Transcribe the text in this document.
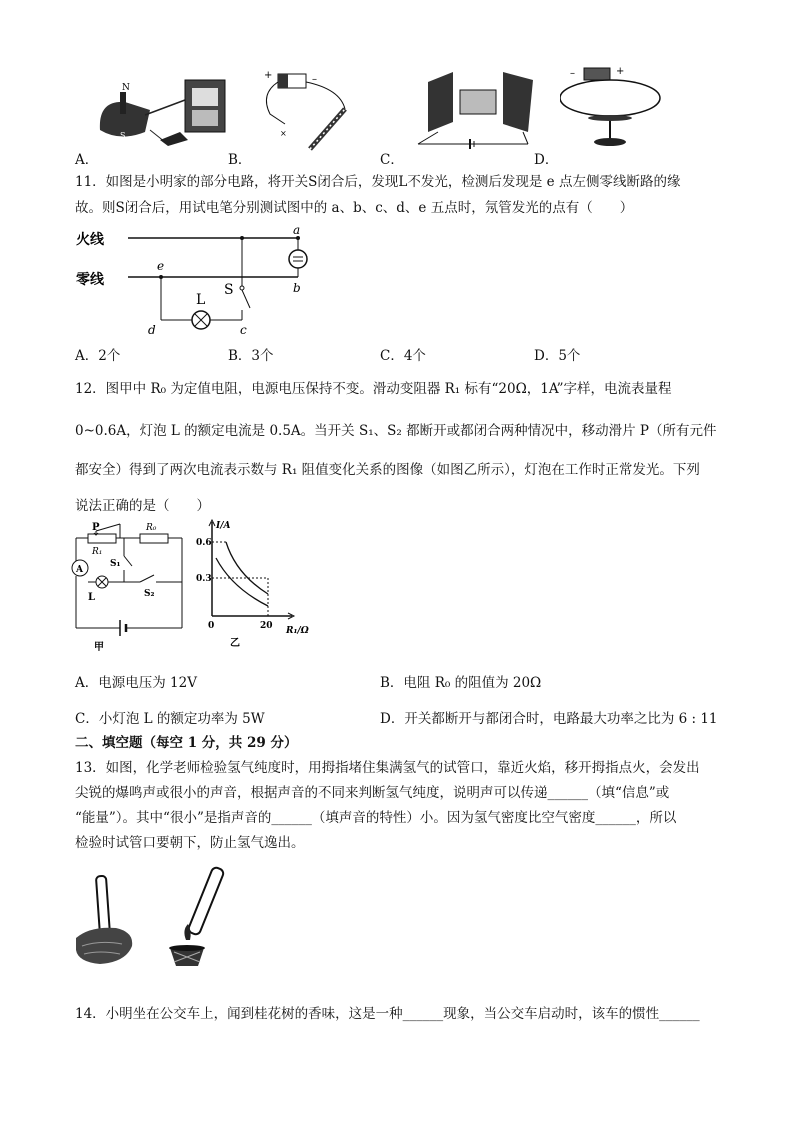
N
S
+	–
×
–	+
A．	B．	C．	D．
11．如图是小明家的部分电路，将开关S闭合后，发现L不发光，检测后发现是 e 点左侧零线断路的缘
故。则S闭合后，用试电笔分别测试图中的 a、b、c、d、e 五点时，氖管发光的点有（　　）
火线
零线
a
b
S
e
L
d	c
A．2个	B．3个	C．4个	D．5个
12．图甲中 R₀ 为定值电阻，电源电压保持不变。滑动变阻器 R₁ 标有“20Ω，1A”字样，电流表量程
0~0.6A，灯泡 L 的额定电流是 0.5A。当开关 S₁、S₂ 都断开或都闭合两种情况中，移动滑片 P（所有元件
都安全）得到了两次电流表示数与 R₁ 阻值变化关系的图像（如图乙所示），灯泡在工作时正常发光。下列
说法正确的是（　　）
P
R₁
R₀
A
L	S₂
S₁
甲
I/A
0.6
0.3
0	20 R₁/Ω
乙
A．电源电压为 12V	B．电阻 R₀ 的阻值为 20Ω
C．小灯泡 L 的额定功率为 5W	D．开关都断开与都闭合时，电路最大功率之比为 6 : 11
二、填空题（每空 1 分，共 29 分）
13．如图，化学老师检验氢气纯度时，用拇指堵住集满氢气的试管口，靠近火焰，移开拇指点火，会发出
尖锐的爆鸣声或很小的声音，根据声音的不同来判断氢气纯度，说明声可以传递______（填“信息”或
“能量”）。其中“很小”是指声音的______（填声音的特性）小。因为氢气密度比空气密度______，所以
检验时试管口要朝下，防止氢气逸出。
14．小明坐在公交车上，闻到桂花树的香味，这是一种______现象，当公交车启动时，该车的惯性______
